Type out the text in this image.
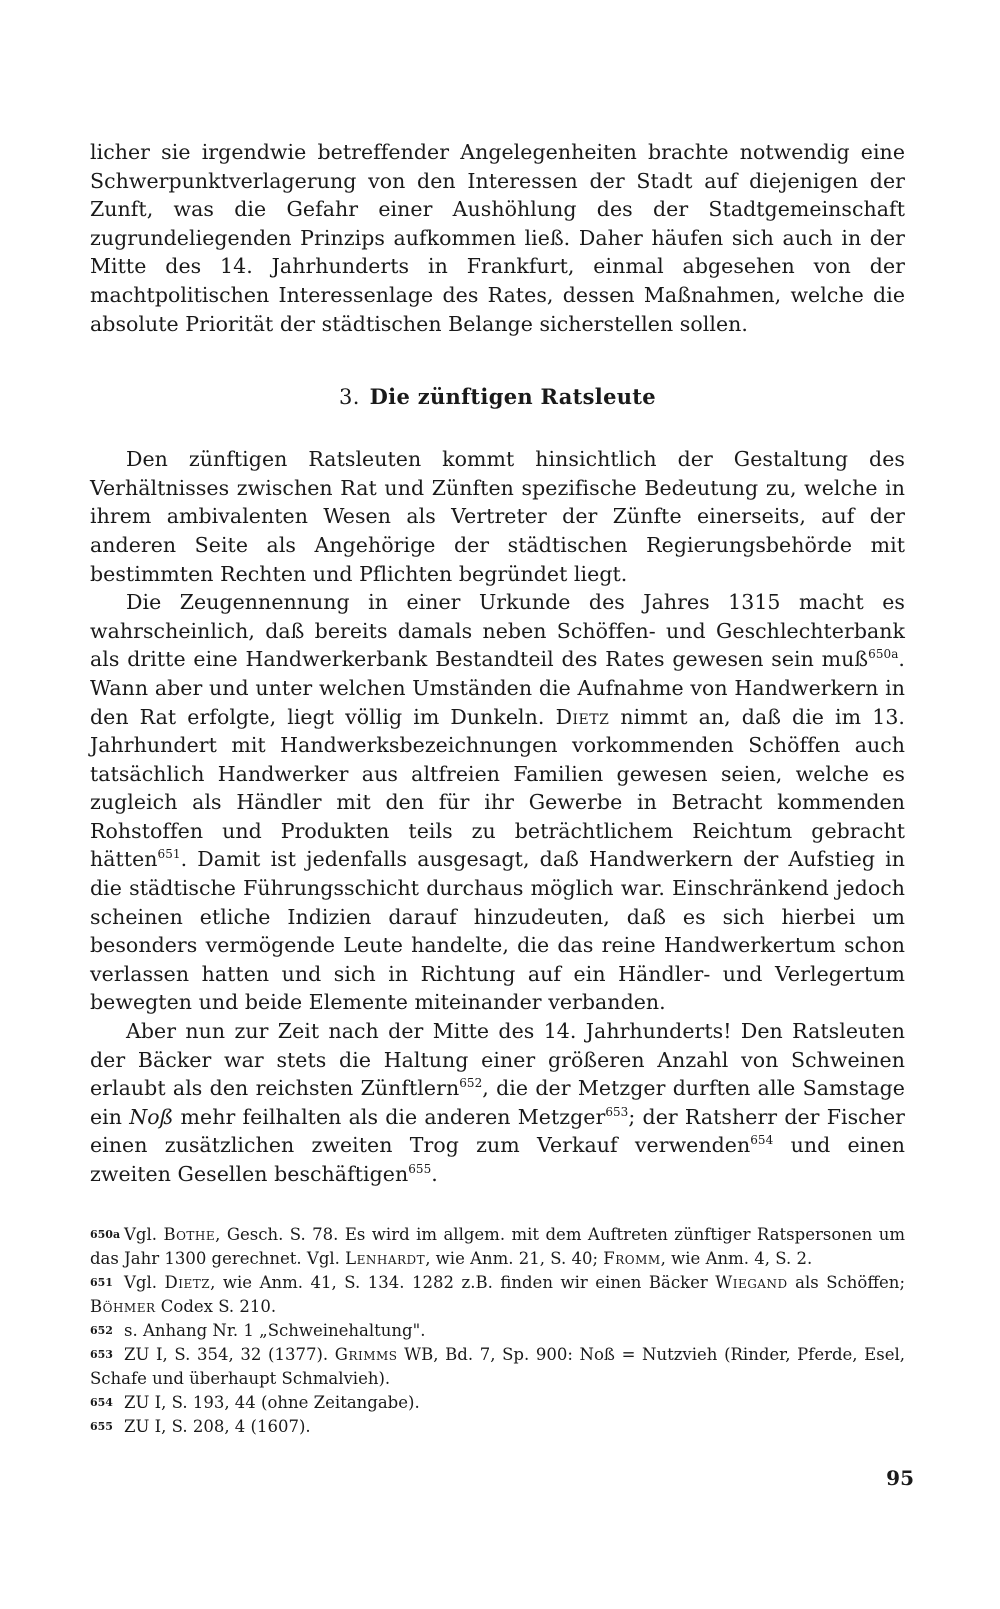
licher sie irgendwie betreffender Angelegenheiten brachte notwendig eine Schwerpunktverlagerung von den Interessen der Stadt auf diejenigen der Zunft, was die Gefahr einer Aushöhlung des der Stadtgemeinschaft zugrundeliegenden Prinzips aufkommen ließ. Daher häufen sich auch in der Mitte des 14. Jahrhunderts in Frankfurt, einmal abgesehen von der machtpolitischen Interessenlage des Rates, dessen Maßnahmen, welche die absolute Priorität der städtischen Belange sicherstellen sollen.

3. Die zünftigen Ratsleute

Den zünftigen Ratsleuten kommt hinsichtlich der Gestaltung des Verhältnisses zwischen Rat und Zünften spezifische Bedeutung zu, welche in ihrem ambivalenten Wesen als Vertreter der Zünfte einerseits, auf der anderen Seite als Angehörige der städtischen Regierungsbehörde mit bestimmten Rechten und Pflichten begründet liegt.

Die Zeugennennung in einer Urkunde des Jahres 1315 macht es wahrscheinlich, daß bereits damals neben Schöffen- und Geschlechterbank als dritte eine Handwerkerbank Bestandteil des Rates gewesen sein muß$^{650a}$. Wann aber und unter welchen Umständen die Aufnahme von Handwerkern in den Rat erfolgte, liegt völlig im Dunkeln. Dietz nimmt an, daß die im 13. Jahrhundert mit Handwerksbezeichnungen vorkommenden Schöffen auch tatsächlich Handwerker aus altfreien Familien gewesen seien, welche es zugleich als Händler mit den für ihr Gewerbe in Betracht kommenden Rohstoffen und Produkten teils zu beträchtlichem Reichtum gebracht hätten$^{651}$. Damit ist jedenfalls ausgesagt, daß Handwerkern der Aufstieg in die städtische Führungsschicht durchaus möglich war. Einschränkend jedoch scheinen etliche Indizien darauf hinzudeuten, daß es sich hierbei um besonders vermögende Leute handelte, die das reine Handwerkertum schon verlassen hatten und sich in Richtung auf ein Händler- und Verlegertum bewegten und beide Elemente miteinander verbanden.

Aber nun zur Zeit nach der Mitte des 14. Jahrhunderts! Den Ratsleuten der Bäcker war stets die Haltung einer größeren Anzahl von Schweinen erlaubt als den reichsten Zünftlern$^{652}$, die der Metzger durften alle Samstage ein Noß mehr feilhalten als die anderen Metzger$^{653}$; der Ratsherr der Fischer einen zusätzlichen zweiten Trog zum Verkauf verwenden$^{654}$ und einen zweiten Gesellen beschäftigen$^{655}$.

650a Vgl. Bothe, Gesch. S. 78. Es wird im allgem. mit dem Auftreten zünftiger Ratspersonen um das Jahr 1300 gerechnet. Vgl. Lenhardt, wie Anm. 21, S. 40; Fromm, wie Anm. 4, S. 2.

651 Vgl. Dietz, wie Anm. 41, S. 134. 1282 z.B. finden wir einen Bäcker Wiegand als Schöffen; Böhmer Codex S. 210.

652 s. Anhang Nr. 1 „Schweinehaltung".

653 ZU I, S. 354, 32 (1377). Grimms WB, Bd. 7, Sp. 900: Noß = Nutzvieh (Rinder, Pferde, Esel, Schafe und überhaupt Schmalvieh).

654 ZU I, S. 193, 44 (ohne Zeitangabe).

655 ZU I, S. 208, 4 (1607).

95
